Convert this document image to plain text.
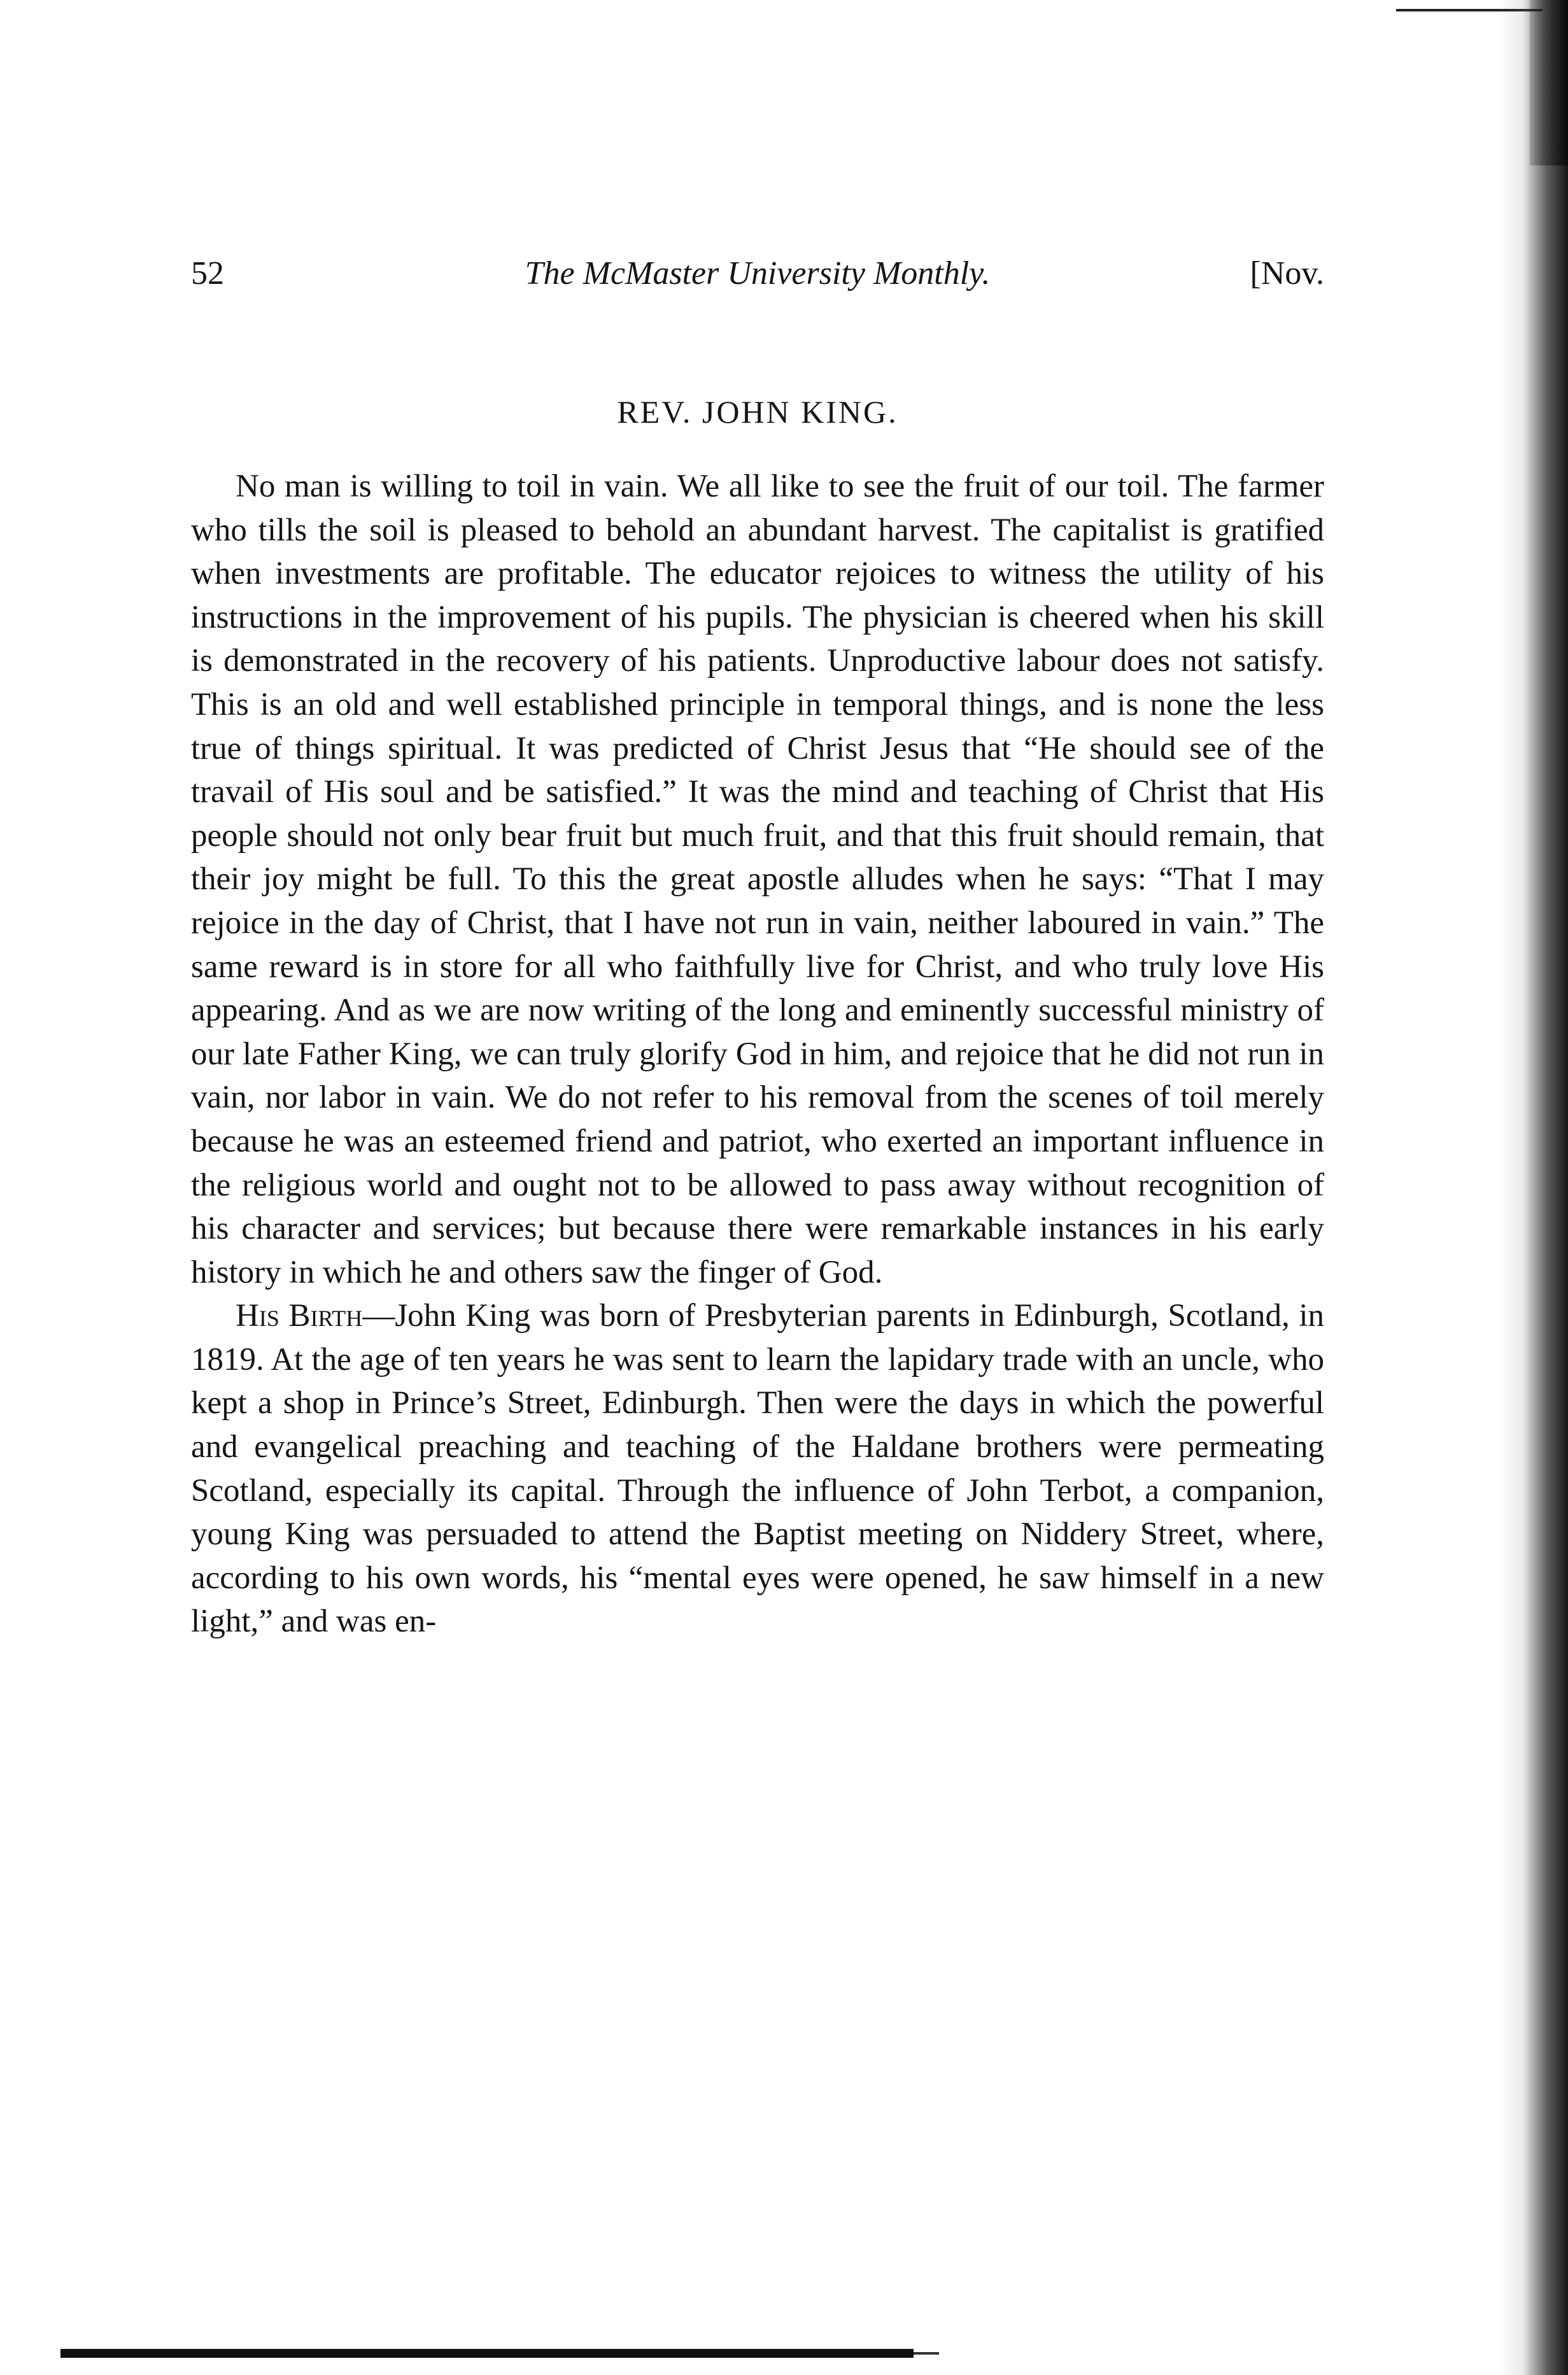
52	The McMaster University Monthly.	[Nov.
REV. JOHN KING.

No man is willing to toil in vain. We all like to see the fruit of our toil. The farmer who tills the soil is pleased to behold an abundant harvest. The capitalist is gratified when investments are profitable. The educator rejoices to witness the utility of his instructions in the improvement of his pupils. The physician is cheered when his skill is demonstrated in the recovery of his patients. Unproductive labour does not satisfy. This is an old and well established principle in temporal things, and is none the less true of things spiritual. It was predicted of Christ Jesus that “He should see of the travail of His soul and be satisfied.” It was the mind and teaching of Christ that His people should not only bear fruit but much fruit, and that this fruit should remain, that their joy might be full. To this the great apostle alludes when he says: “That I may rejoice in the day of Christ, that I have not run in vain, neither laboured in vain.” The same reward is in store for all who faithfully live for Christ, and who truly love His appearing. And as we are now writing of the long and eminently successful ministry of our late Father King, we can truly glorify God in him, and rejoice that he did not run in vain, nor labor in vain. We do not refer to his removal from the scenes of toil merely because he was an esteemed friend and patriot, who exerted an important influence in the religious world and ought not to be allowed to pass away without recognition of his character and services; but because there were remarkable instances in his early history in which he and others saw the finger of God.

His Birth—John King was born of Presbyterian parents in Edinburgh, Scotland, in 1819. At the age of ten years he was sent to learn the lapidary trade with an uncle, who kept a shop in Prince’s Street, Edinburgh. Then were the days in which the powerful and evangelical preaching and teaching of the Haldane brothers were permeating Scotland, especially its capital. Through the influence of John Terbot, a companion, young King was persuaded to attend the Baptist meeting on Niddery Street, where, according to his own words, his “mental eyes were opened, he saw himself in a new light,” and was en-
